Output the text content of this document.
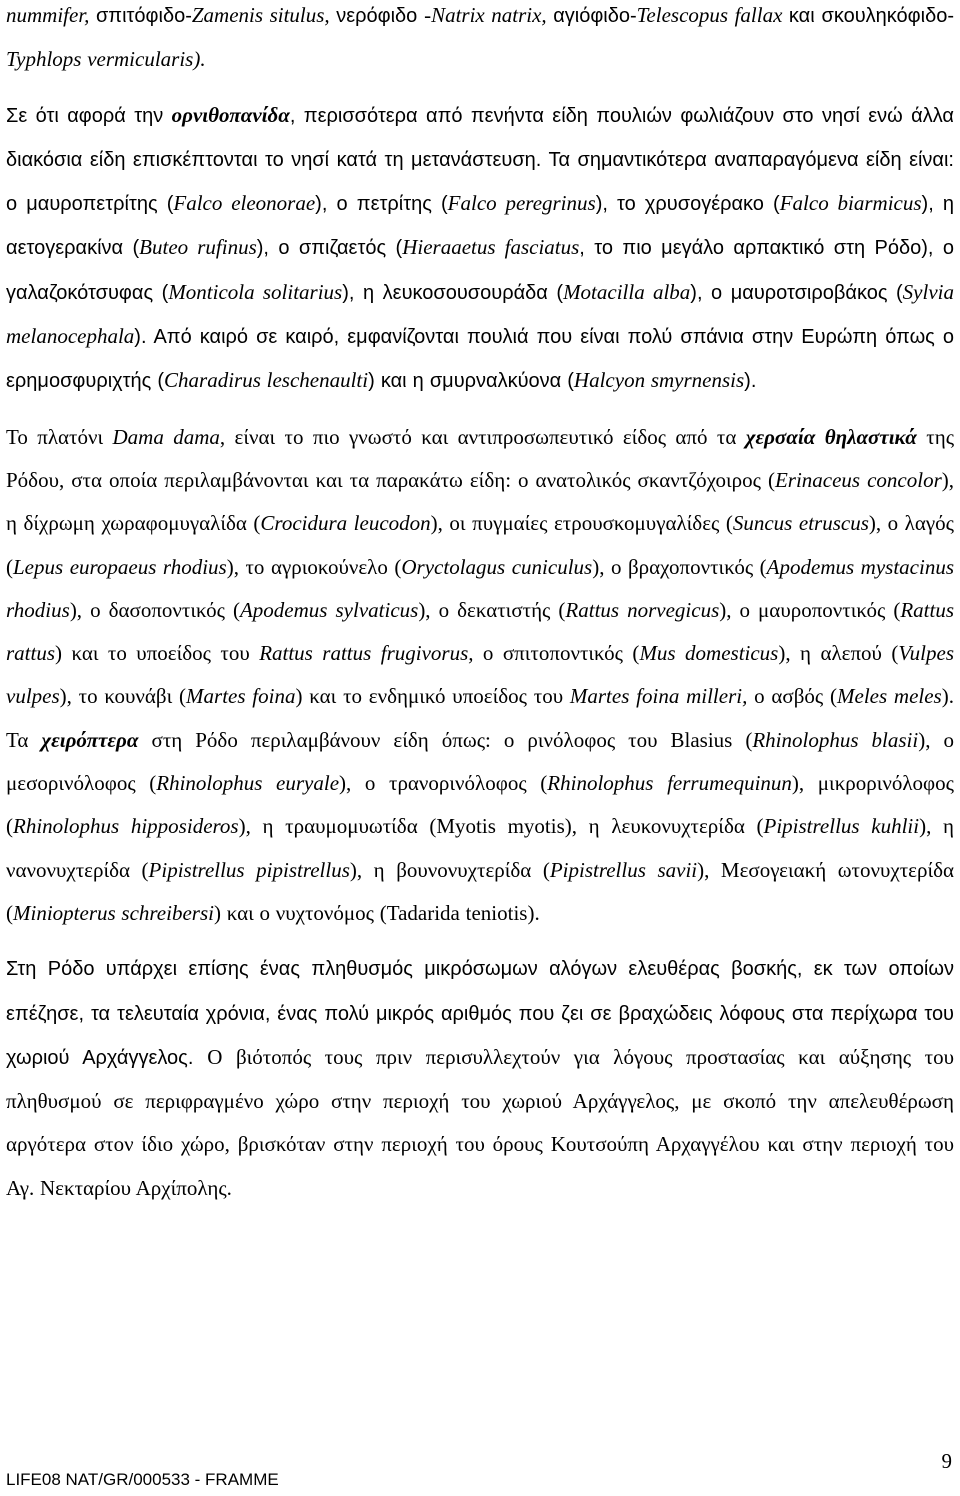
nummifer, σπιτόφιδο-Zamenis situlus, νερόφιδο -Natrix natrix, αγιόφιδο-Telescopus fallax και σκουληκόφιδο-Typhlops vermicularis).

Σε ότι αφορά την ορνιθοπανίδα, περισσότερα από πενήντα είδη πουλιών φωλιάζουν στο νησί ενώ άλλα διακόσια είδη επισκέπτονται το νησί κατά τη μετανάστευση. Τα σημαντικότερα αναπαραγόμενα είδη είναι: ο μαυροπετρίτης (Falco eleonorae), ο πετρίτης (Falco peregrinus), το χρυσογέρακο (Falco biarmicus), η αετογερακίνα (Buteo rufinus), ο σπιζαετός (Hieraaetus fasciatus, το πιο μεγάλο αρπακτικό στη Ρόδο), ο γαλαζοκότσυφας (Monticola solitarius), η λευκοσουσουράδα (Motacilla alba), ο μαυροτσιροβάκος (Sylvia melanocephala). Από καιρό σε καιρό, εμφανίζονται πουλιά που είναι πολύ σπάνια στην Ευρώπη όπως ο ερημοσφυριχτής (Charadirus leschenaulti) και η σμυρναλκύονα (Halcyon smyrnensis).

Το πλατόνι Dama dama, είναι το πιο γνωστό και αντιπροσωπευτικό είδος από τα χερσαία θηλαστικά της Ρόδου, στα οποία περιλαμβάνονται και τα παρακάτω είδη: ο ανατολικός σκαντζόχοιρος (Erinaceus concolor), η δίχρωμη χωραφομυγαλίδα (Crocidura leucodon), οι πυγμαίες ετρουσκομυγαλίδες (Suncus etruscus), ο λαγός (Lepus europaeus rhodius), το αγριοκούνελο (Oryctolagus cuniculus), ο βραχοποντικός (Apodemus mystacinus rhodius), ο δασοποντικός (Apodemus sylvaticus), ο δεκατιστής (Rattus norvegicus), ο μαυροποντικός (Rattus rattus) και το υποείδος του Rattus rattus frugivorus, ο σπιτοποντικός (Mus domesticus), η αλεπού (Vulpes vulpes), το κουνάβι (Martes foina) και το ενδημικό υποείδος του Martes foina milleri, ο ασβός (Meles meles). Τα χειρόπτερα στη Ρόδο περιλαμβάνουν είδη όπως: ο ρινόλοφος του Blasius (Rhinolophus blasii), ο μεσορινόλοφος (Rhinolophus euryale), ο τρανορινόλοφος (Rhinolophus ferrumequinun), μικρορινόλοφος (Rhinolophus hipposideros), η τραυμομυωτίδα (Myotis myotis), η λευκονυχτερίδα (Pipistrellus kuhlii), η νανονυχτερίδα (Pipistrellus pipistrellus), η βουνονυχτερίδα (Pipistrellus savii), Μεσογειακή ωτονυχτερίδα (Miniopterus schreibersi) και ο νυχτονόμος (Tadarida teniotis).

Στη Ρόδο υπάρχει επίσης ένας πληθυσμός μικρόσωμων αλόγων ελευθέρας βοσκής, εκ των οποίων επέζησε, τα τελευταία χρόνια, ένας πολύ μικρός αριθμός που ζει σε βραχώδεις λόφους στα περίχωρα του χωριού Αρχάγγελος. Ο βιότοπός τους πριν περισυλλεχτούν για λόγους προστασίας και αύξησης του πληθυσμού σε περιφραγμένο χώρο στην περιοχή του χωριού Αρχάγγελος, με σκοπό την απελευθέρωση αργότερα στον ίδιο χώρο, βρισκόταν στην περιοχή του όρους Κουτσούπη Αρχαγγέλου και στην περιοχή του Αγ. Νεκταρίου Αρχίπολης.

LIFE08 NAT/GR/000533 - FRAMME
9
